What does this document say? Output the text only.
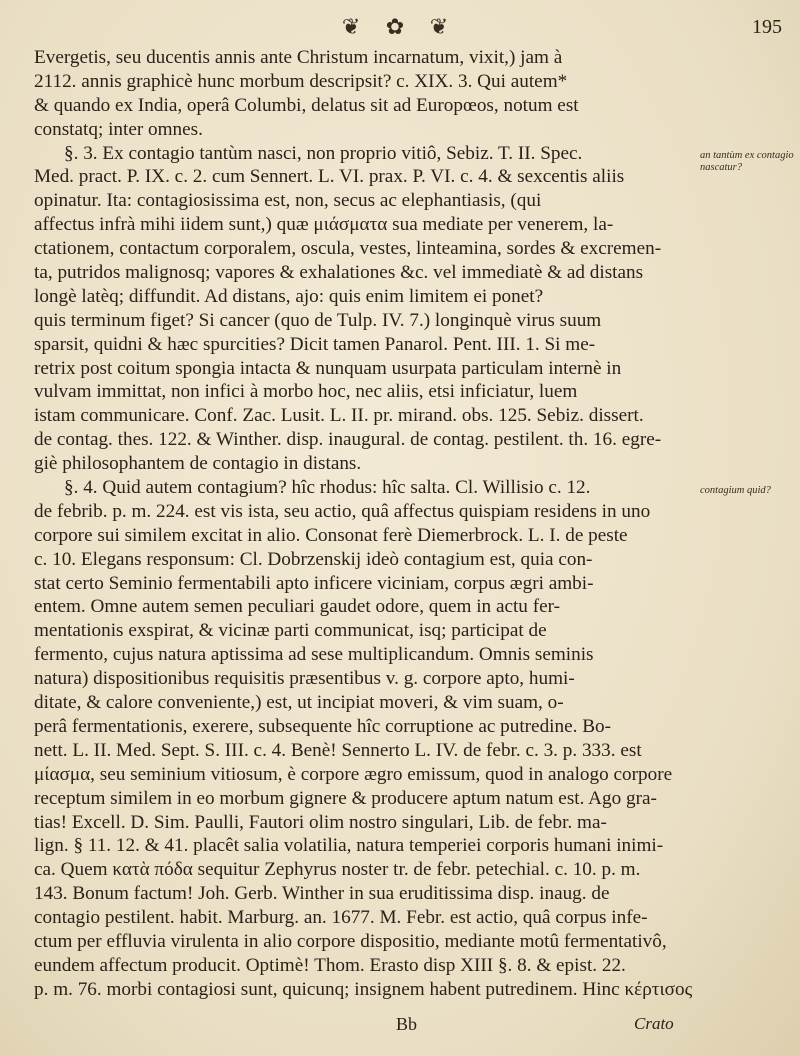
❦ ✿ ❦	195
Evergetis, seu ducentis annis ante Christum incarnatum, vixit,) jam à
2112. annis graphicè hunc morbum descripsit? c. XIX. 3. Qui autem*
& quando ex India, operâ Columbi, delatus sit ad Europœos, notum est
constatq; inter omnes.
§. 3. Ex contagio tantùm nasci, non proprio vitiô, Sebiz. T. II. Spec.
Med. pract. P. IX. c. 2. cum Sennert. L. VI. prax. P. VI. c. 4. & sexcentis aliis
opinatur. Ita: contagiosissima est, non, secus ac elephantiasis, (qui
affectus infrà mihi iidem sunt,) quæ μιάσματα sua mediate per venerem, la-
ctationem, contactum corporalem, oscula, vestes, linteamina, sordes & excremen-
ta, putridos malignosq; vapores & exhalationes &c. vel immediatè & ad distans
longè latèq; diffundit. Ad distans, ajo: quis enim limitem ei ponet?
quis terminum figet? Si cancer (quo de Tulp. IV. 7.) longinquè virus suum
sparsit, quidni & hæc spurcities? Dicit tamen Panarol. Pent. III. 1. Si me-
retrix post coitum spongia intacta & nunquam usurpata particulam internè in
vulvam immittat, non infici à morbo hoc, nec aliis, etsi inficiatur, luem
istam communicare. Conf. Zac. Lusit. L. II. pr. mirand. obs. 125. Sebiz. dissert.
de contag. thes. 122. & Winther. disp. inaugural. de contag. pestilent. th. 16. egre-
giè philosophantem de contagio in distans.
§. 4. Quid autem contagium? hîc rhodus: hîc salta. Cl. Willisio c. 12.
de febrib. p. m. 224. est vis ista, seu actio, quâ affectus quispiam residens in uno
corpore sui similem excitat in alio. Consonat ferè Diemerbrock. L. I. de peste
c. 10. Elegans responsum: Cl. Dobrzenskij ideò contagium est, quia con-
stat certo Seminio fermentabili apto inficere viciniam, corpus ægri ambi-
entem. Omne autem semen peculiari gaudet odore, quem in actu fer-
mentationis exspirat, & vicinæ parti communicat, isq; participat de
fermento, cujus natura aptissima ad sese multiplicandum. Omnis seminis
natura) dispositionibus requisitis præsentibus v. g. corpore apto, humi-
ditate, & calore conveniente,) est, ut incipiat moveri, & vim suam, o-
perâ fermentationis, exerere, subsequente hîc corruptione ac putredine. Bo-
nett. L. II. Med. Sept. S. III. c. 4. Benè! Sennerto L. IV. de febr. c. 3. p. 333. est
μίασμα, seu seminium vitiosum, è corpore ægro emissum, quod in analogo corpore
receptum similem in eo morbum gignere & producere aptum natum est. Ago gra-
tias! Excell. D. Sim. Paulli, Fautori olim nostro singulari, Lib. de febr. ma-
lign. § 11. 12. & 41. placêt salia volatilia, natura temperiei corporis humani inimi-
ca. Quem κατὰ πόδα sequitur Zephyrus noster tr. de febr. petechial. c. 10. p. m.
143. Bonum factum! Joh. Gerb. Winther in sua eruditissima disp. inaug. de
contagio pestilent. habit. Marburg. an. 1677. M. Febr. est actio, quâ corpus infe-
ctum per effluvia virulenta in alio corpore dispositio, mediante motû fermentativô,
eundem affectum producit. Optimè! Thom. Erasto disp XIII §. 8. & epist. 22.
p. m. 76. morbi contagiosi sunt, quicunq; insignem habent putredinem. Hinc κέρτισος
an tantùm ex contagio nascatur?
contagium quid?
Bb	Crato
